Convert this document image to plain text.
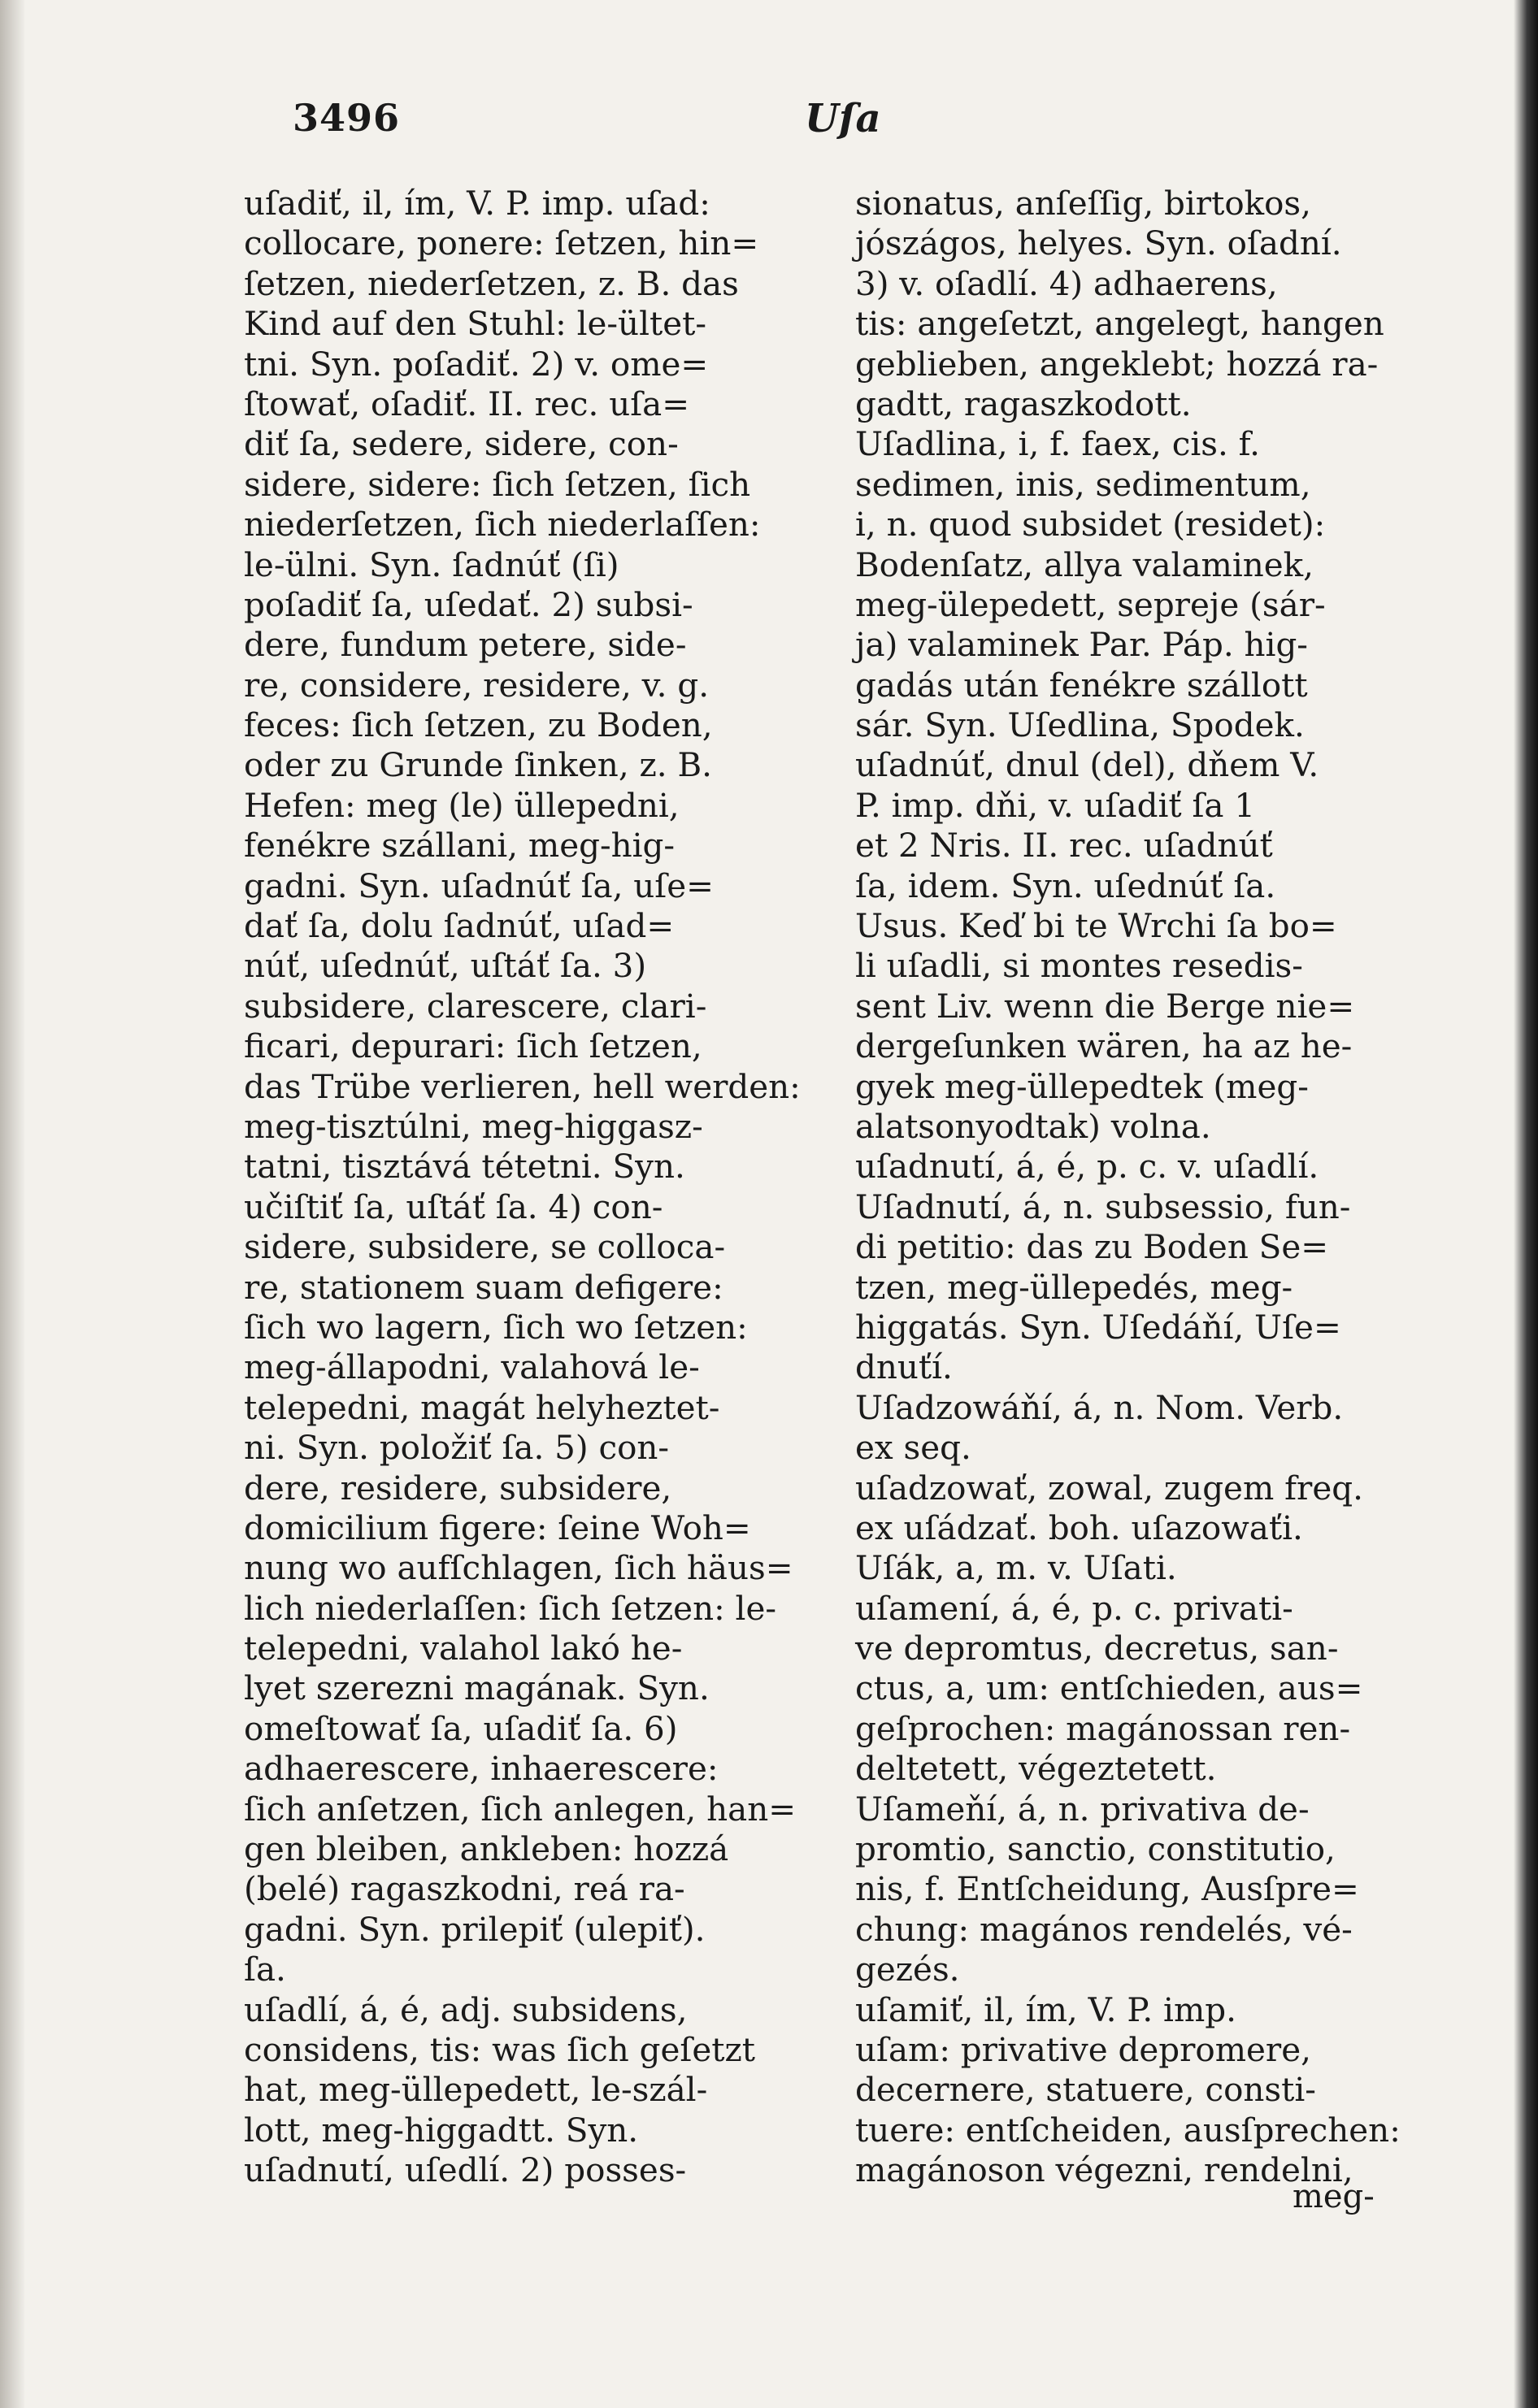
3496	Uſa
uſadiť, il, ím, V. P. imp. uſad:
collocare, ponere: ſetzen, hin=
ſetzen, niederſetzen, z. B. das
Kind auf den Stuhl: le-ültet-
tni. Syn. poſadiť. 2) v. ome=
ſtowať, oſadiť. II. rec. uſa=
diť ſa, sedere, sidere, con-
sidere, sidere: ſich ſetzen, ſich
niederſetzen, ſich niederlaſſen:
le-ülni. Syn. ſadnúť (ſi)
poſadiť ſa, uſedať. 2) subsi-
dere, fundum petere, side-
re, considere, residere, v. g.
feces: ſich ſetzen, zu Boden,
oder zu Grunde ſinken, z. B.
Hefen: meg (le) üllepedni,
fenékre szállani, meg-hig-
gadni. Syn. uſadnúť ſa, uſe=
dať ſa, dolu ſadnúť, uſad=
núť, uſednúť, uſtáť ſa. 3)
subsidere, clarescere, clari-
ficari, depurari: ſich ſetzen,
das Trübe verlieren, hell werden:
meg-tisztúlni, meg-higgasz-
tatni, tisztává tétetni. Syn.
učiſtiť ſa, uſtáť ſa. 4) con-
sidere, subsidere, se colloca-
re, stationem suam defigere:
ſich wo lagern, ſich wo ſetzen:
meg-állapodni, valahová le-
telepedni, magát helyheztet-
ni. Syn. položiť ſa. 5) con-
dere, residere, subsidere,
domicilium figere: ſeine Woh=
nung wo aufſchlagen, ſich häus=
lich niederlaſſen: ſich ſetzen: le-
telepedni, valahol lakó he-
lyet szerezni magának. Syn.
omeſtowať ſa, uſadiť ſa. 6)
adhaerescere, inhaerescere:
ſich anſetzen, ſich anlegen, han=
gen bleiben, ankleben: hozzá
(belé) ragaszkodni, reá ra-
gadni. Syn. prilepiť (ulepiť).
ſa.
uſadlí, á, é, adj. subsidens,
considens, tis: was ſich geſetzt
hat, meg-üllepedett, le-szál-
lott, meg-higgadtt. Syn.
uſadnutí, uſedlí. 2) posses-
sionatus, anſeſſig, birtokos,
jószágos, helyes. Syn. oſadní.
3) v. oſadlí. 4) adhaerens,
tis: angeſetzt, angelegt, hangen
geblieben, angeklebt; hozzá ra-
gadtt, ragaszkodott.
Uſadlina, i, f. faex, cis. f.
sedimen, inis, sedimentum,
i, n. quod subsidet (residet):
Bodenſatz, allya valaminek,
meg-ülepedett, sepreje (sár-
ja) valaminek Par. Páp. hig-
gadás után fenékre szállott
sár. Syn. Uſedlina, Spodek.
uſadnúť, dnul (del), dňem V.
P. imp. dňi, v. uſadiť ſa 1
et 2 Nris. II. rec. uſadnúť
ſa, idem. Syn. uſednúť ſa.
Usus. Keď bi te Wrchi ſa bo=
li uſadli, si montes resedis-
sent Liv. wenn die Berge nie=
dergeſunken wären, ha az he-
gyek meg-üllepedtek (meg-
alatsonyodtak) volna.
uſadnutí, á, é, p. c. v. uſadlí.
Uſadnutí, á, n. subsessio, fun-
di petitio: das zu Boden Se=
tzen, meg-üllepedés, meg-
higgatás. Syn. Uſedáňí, Uſe=
dnuťí.
Uſadzowáňí, á, n. Nom. Verb.
ex seq.
uſadzowať, zowal, zugem freq.
ex uſádzať. boh. uſazowaťi.
Uſák, a, m. v. Uſati.
uſamení, á, é, p. c. privati-
ve depromtus, decretus, san-
ctus, a, um: entſchieden, aus=
geſprochen: magánossan ren-
deltetett, végeztetett.
Uſameňí, á, n. privativa de-
promtio, sanctio, constitutio,
nis, f. Entſcheidung, Ausſpre=
chung: magános rendelés, vé-
gezés.
uſamiť, il, ím, V. P. imp.
uſam: privative depromere,
decernere, statuere, consti-
tuere: entſcheiden, ausſprechen:
magánoson végezni, rendelni,
meg-
